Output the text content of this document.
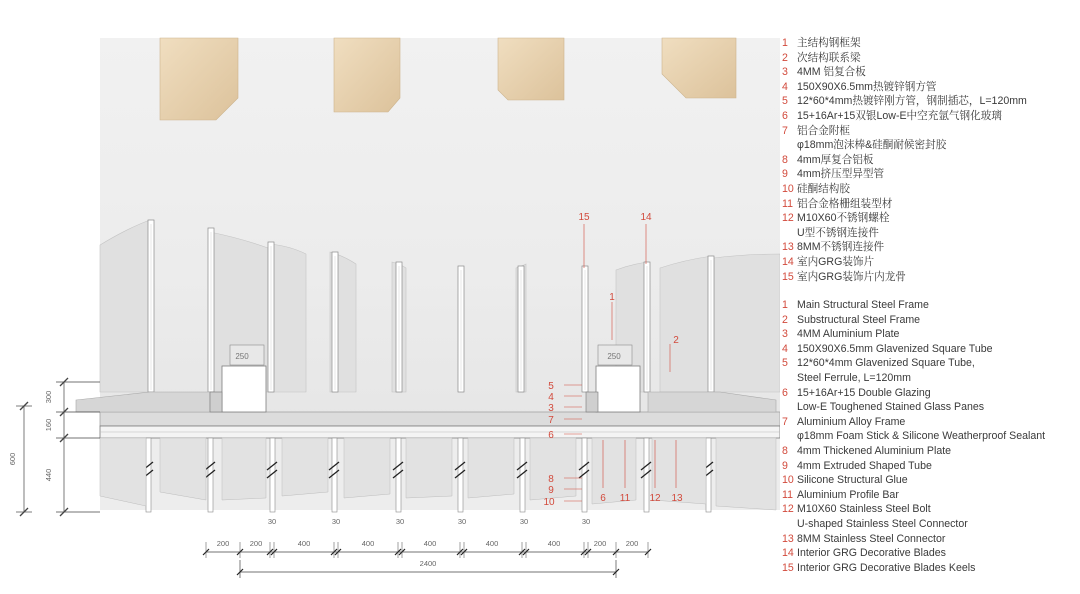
250	250
300
160
440
600
200	200	400	400	400	400	400	200	200
30	30	30	30	30	30
2400
15	14
1
2
5
4
3
7
6
8
9
10	6 11 12 13
1 主结构钢框架
2 次结构联系梁
3 4MM 铝复合板
4 150X90X6.5mm热镀锌钢方管
5 12*60*4mm热镀锌刚方管，钢制插芯，L=120mm
6 15+16Ar+15双银Low-E中空充氩气钢化玻璃
7 铝合金附框
φ18mm泡沫棒&硅酮耐候密封胶
8 4mm厚复合铝板
9 4mm挤压型异型管
10 硅酮结构胶
11 铝合金格栅组装型材
12 M10X60不锈钢螺栓
U型不锈钢连接件
13 8MM不锈钢连接件
14 室内GRG装饰片
15 室内GRG装饰片内龙骨
1 Main Structural Steel Frame
2 Substructural Steel Frame
3 4MM Aluminium Plate
4 150X90X6.5mm Glavenized Square Tube
5 12*60*4mm Glavenized Square Tube,
Steel Ferrule, L=120mm
6 15+16Ar+15 Double Glazing
Low-E Toughened Stained Glass Panes
7 Aluminium Alloy Frame
φ18mm Foam Stick & Silicone Weatherproof Sealant
8 4mm Thickened Aluminium Plate
9 4mm Extruded Shaped Tube
10 Silicone Structural Glue
11 Aluminium Profile Bar
12 M10X60 Stainless Steel Bolt
U-shaped Stainless Steel Connector
13 8MM Stainless Steel Connector
14 Interior GRG Decorative Blades
15 Interior GRG Decorative Blades Keels
